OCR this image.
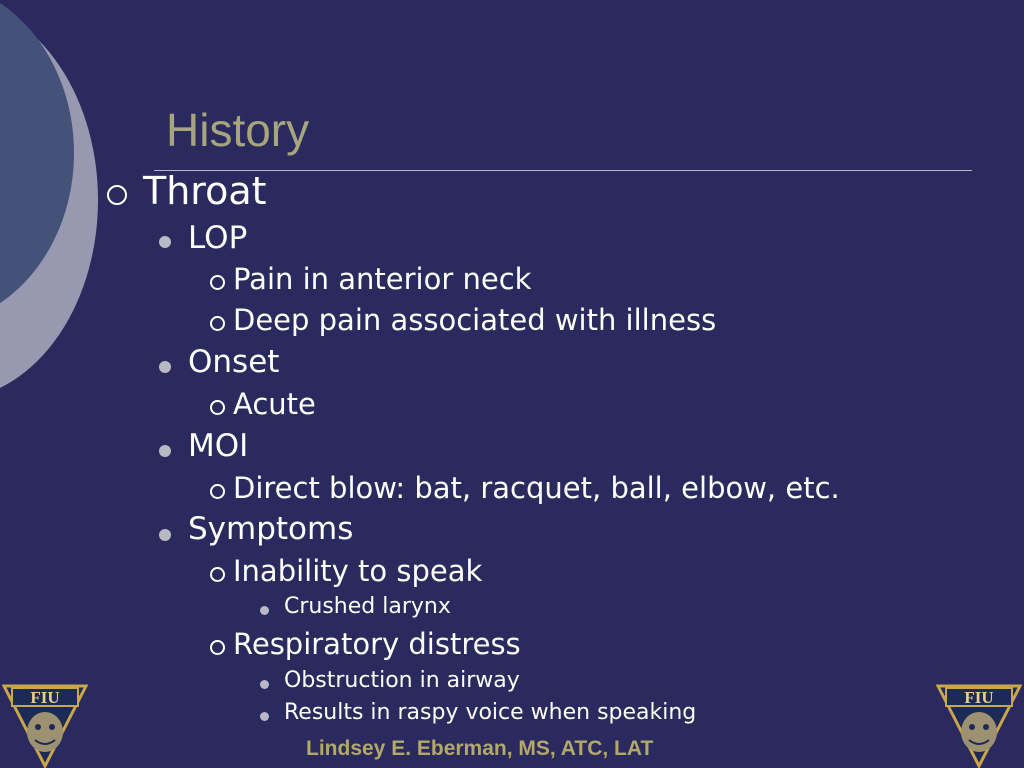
History
Throat
LOP
Pain in anterior neck
Deep pain associated with illness
Onset
Acute
MOI
Direct blow: bat, racquet, ball, elbow, etc.
Symptoms
Inability to speak
Crushed larynx
Respiratory distress
Obstruction in airway
Results in raspy voice when speaking
Lindsey E. Eberman, MS, ATC, LAT
FIU	FIU
